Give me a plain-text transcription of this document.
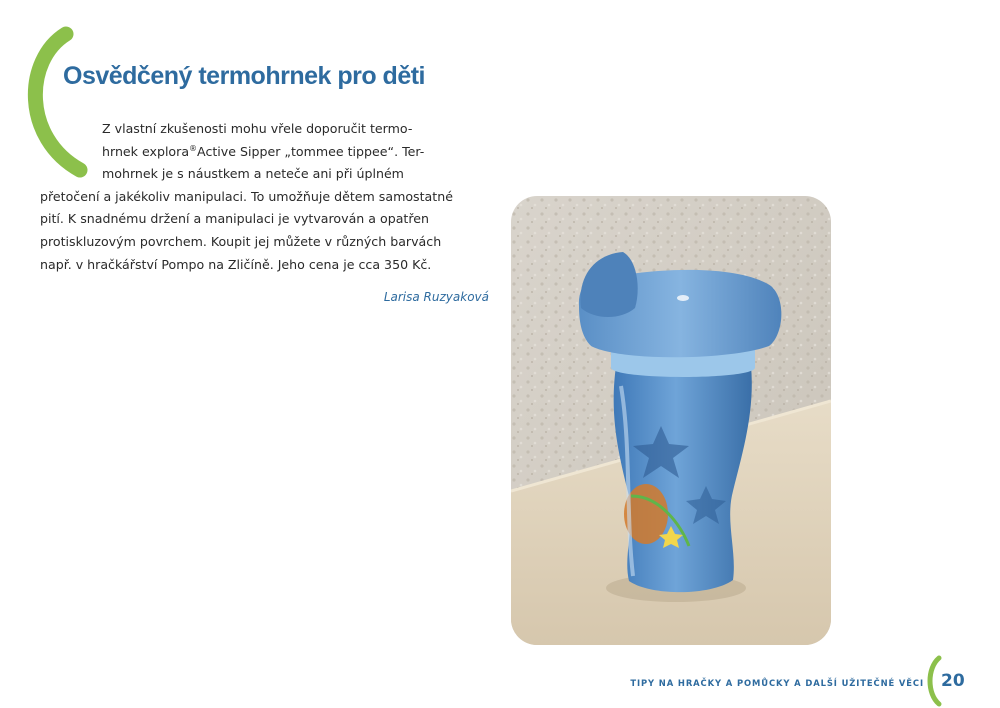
Osvědčený termohrnek pro děti
Z vlastní zkušenosti mohu vřele doporučit termo-
hrnek explora®Active Sipper „tommee tippee“. Ter-
mohrnek je s náustkem a neteče ani při úplném
přetočení a jakékoliv manipulaci. To umožňuje dětem samostatné
pití. K snadnému držení a manipulaci je vytvarován a opatřen
protiskluzovým povrchem. Koupit jej můžete v různých barvách
např. v hračkářství Pompo na Zličíně. Jeho cena je cca 350 Kč.
Larisa Ruzyaková
TIPY NA HRAČKY A POMŮCKY A DALŠÍ UŽITEČNÉ VĚCI 20
